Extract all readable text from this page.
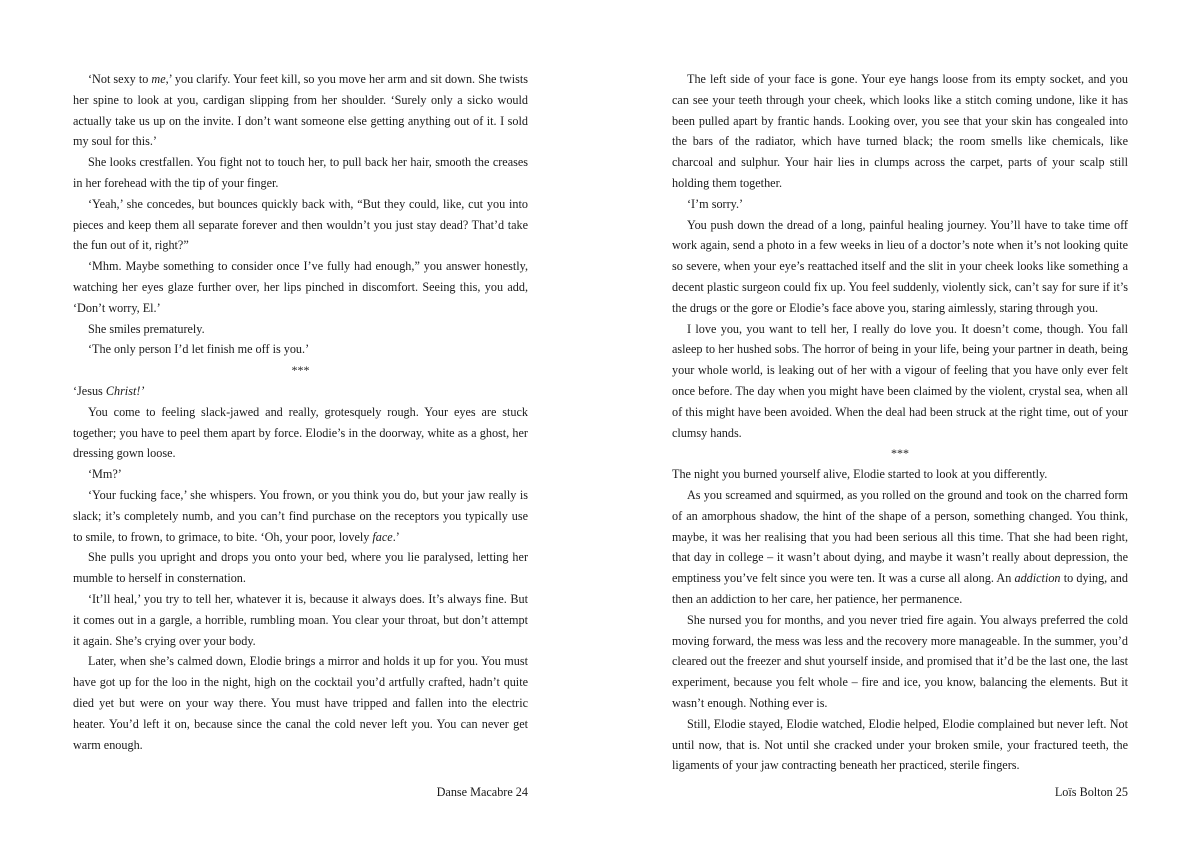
‘Not sexy to me,’ you clarify. Your feet kill, so you move her arm and sit down. She twists her spine to look at you, cardigan slipping from her shoulder. ‘Surely only a sicko would actually take us up on the invite. I don’t want someone else getting anything out of it. I sold my soul for this.’

She looks crestfallen. You fight not to touch her, to pull back her hair, smooth the creases in her forehead with the tip of your finger.

‘Yeah,’ she concedes, but bounces quickly back with, “But they could, like, cut you into pieces and keep them all separate forever and then wouldn’t you just stay dead? That’d take the fun out of it, right?”

‘Mhm. Maybe something to consider once I’ve fully had enough,” you answer honestly, watching her eyes glaze further over, her lips pinched in discomfort. Seeing this, you add, ‘Don’t worry, El.’

She smiles prematurely.

‘The only person I’d let finish me off is you.’

***

‘Jesus Christ!’

You come to feeling slack-jawed and really, grotesquely rough. Your eyes are stuck together; you have to peel them apart by force. Elodie’s in the doorway, white as a ghost, her dressing gown loose.

‘Mm?’

‘Your fucking face,’ she whispers. You frown, or you think you do, but your jaw really is slack; it’s completely numb, and you can’t find purchase on the receptors you typically use to smile, to frown, to grimace, to bite. ‘Oh, your poor, lovely face.’

She pulls you upright and drops you onto your bed, where you lie paralysed, letting her mumble to herself in consternation.

‘It’ll heal,’ you try to tell her, whatever it is, because it always does. It’s always fine. But it comes out in a gargle, a horrible, rumbling moan. You clear your throat, but don’t attempt it again. She’s crying over your body.

Later, when she’s calmed down, Elodie brings a mirror and holds it up for you. You must have got up for the loo in the night, high on the cocktail you’d artfully crafted, hadn’t quite died yet but were on your way there. You must have tripped and fallen into the electric heater. You’d left it on, because since the canal the cold never left you. You can never get warm enough.

Danse Macabre 24

The left side of your face is gone. Your eye hangs loose from its empty socket, and you can see your teeth through your cheek, which looks like a stitch coming undone, like it has been pulled apart by frantic hands. Looking over, you see that your skin has congealed into the bars of the radiator, which have turned black; the room smells like chemicals, like charcoal and sulphur. Your hair lies in clumps across the carpet, parts of your scalp still holding them together.

‘I’m sorry.’

You push down the dread of a long, painful healing journey. You’ll have to take time off work again, send a photo in a few weeks in lieu of a doctor’s note when it’s not looking quite so severe, when your eye’s reattached itself and the slit in your cheek looks like something a decent plastic surgeon could fix up. You feel suddenly, violently sick, can’t say for sure if it’s the drugs or the gore or Elodie’s face above you, staring aimlessly, staring through you.

I love you, you want to tell her, I really do love you. It doesn’t come, though. You fall asleep to her hushed sobs. The horror of being in your life, being your partner in death, being your whole world, is leaking out of her with a vigour of feeling that you have only ever felt once before. The day when you might have been claimed by the violent, crystal sea, when all of this might have been avoided. When the deal had been struck at the right time, out of your clumsy hands.

***

The night you burned yourself alive, Elodie started to look at you differently.

As you screamed and squirmed, as you rolled on the ground and took on the charred form of an amorphous shadow, the hint of the shape of a person, something changed. You think, maybe, it was her realising that you had been serious all this time. That she had been right, that day in college – it wasn’t about dying, and maybe it wasn’t really about depression, the emptiness you’ve felt since you were ten. It was a curse all along. An addiction to dying, and then an addiction to her care, her patience, her permanence.

She nursed you for months, and you never tried fire again. You always preferred the cold moving forward, the mess was less and the recovery more manageable. In the summer, you’d cleared out the freezer and shut yourself inside, and promised that it’d be the last one, the last experiment, because you felt whole – fire and ice, you know, balancing the elements. But it wasn’t enough. Nothing ever is.

Still, Elodie stayed, Elodie watched, Elodie helped, Elodie complained but never left. Not until now, that is. Not until she cracked under your broken smile, your fractured teeth, the ligaments of your jaw contracting beneath her practiced, sterile fingers.

Loïs Bolton 25
